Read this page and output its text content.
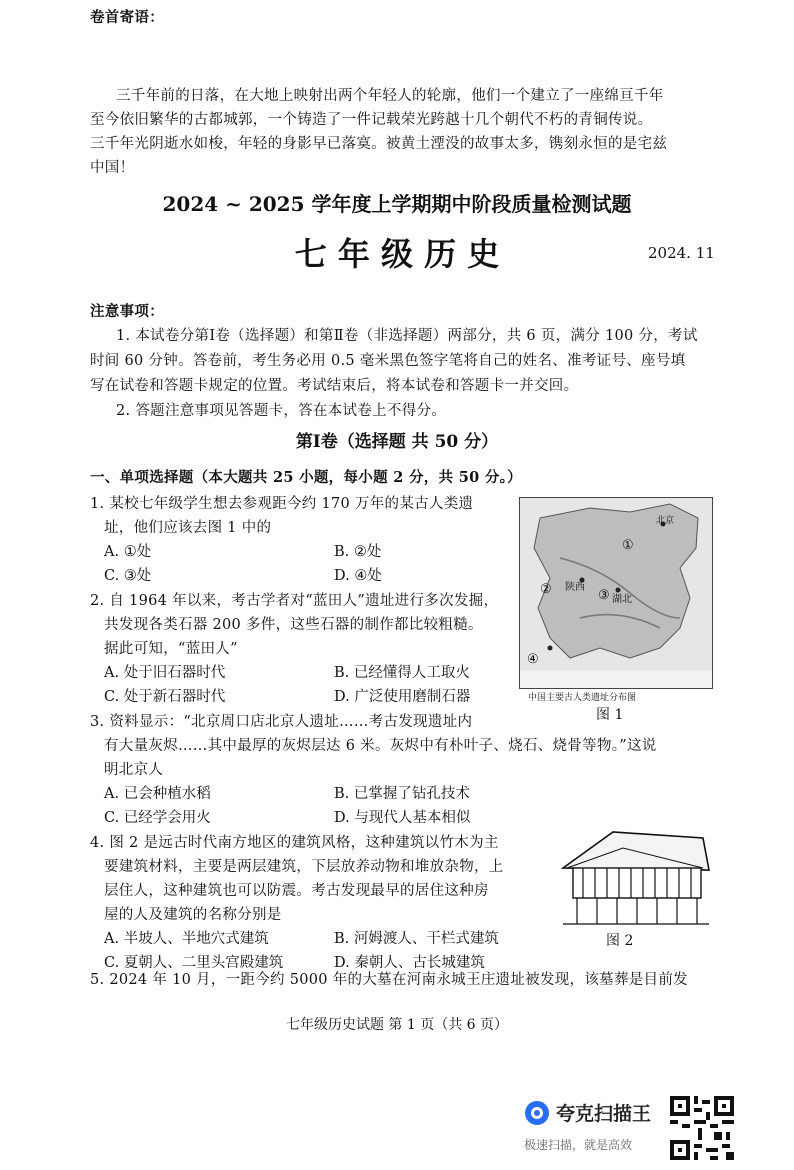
卷首寄语：
三千年前的日落，在大地上映射出两个年轻人的轮廓，他们一个建立了一座绵亘千年
至今依旧繁华的古都城郭，一个铸造了一件记载荣光跨越十几个朝代不朽的青铜传说。
三千年光阴逝水如梭，年轻的身影早已落寞。被黄土湮没的故事太多，镌刻永恒的是宅兹
中国！
2024 ~ 2025 学年度上学期期中阶段质量检测试题
七 年 级 历 史	2024. 11
注意事项：
1. 本试卷分第Ⅰ卷（选择题）和第Ⅱ卷（非选择题）两部分，共 6 页，满分 100 分，考试
时间 60 分钟。答卷前，考生务必用 0.5 毫米黑色签字笔将自己的姓名、准考证号、座号填
写在试卷和答题卡规定的位置。考试结束后，将本试卷和答题卡一并交回。
2. 答题注意事项见答题卡，答在本试卷上不得分。
第Ⅰ卷（选择题 共 50 分）
一、单项选择题（本大题共 25 小题，每小题 2 分，共 50 分。）
1. 某校七年级学生想去参观距今约 170 万年的某古人类遗
址，他们应该去图 1 中的
A. ①处	B. ②处
C. ③处	D. ④处
2. 自 1964 年以来，考古学者对“蓝田人”遗址进行多次发掘，
共发现各类石器 200 多件，这些石器的制作都比较粗糙。
据此可知，“蓝田人”
A. 处于旧石器时代	B. 已经懂得人工取火
C. 处于新石器时代	D. 广泛使用磨制石器
北京
陕西
湖北
①
②	③
④
中国主要古人类遗址分布图
图 1
3. 资料显示：“北京周口店北京人遗址……考古发现遗址内
有大量灰烬……其中最厚的灰烬层达 6 米。灰烬中有朴叶子、烧石、烧骨等物。”这说
明北京人
A. 已会种植水稻	B. 已掌握了钻孔技术
C. 已经学会用火	D. 与现代人基本相似
4. 图 2 是远古时代南方地区的建筑风格，这种建筑以竹木为主
要建筑材料，主要是两层建筑，下层放养动物和堆放杂物，上
层住人，这种建筑也可以防震。考古发现最早的居住这种房
屋的人及建筑的名称分别是
A. 半坡人、半地穴式建筑	B. 河姆渡人、干栏式建筑
C. 夏朝人、二里头宫殿建筑	D. 秦朝人、古长城建筑
图 2
5. 2024 年 10 月，一距今约 5000 年的大墓在河南永城王庄遗址被发现，该墓葬是目前发
七年级历史试题 第 1 页（共 6 页）
夸克扫描王
极速扫描，就是高效
